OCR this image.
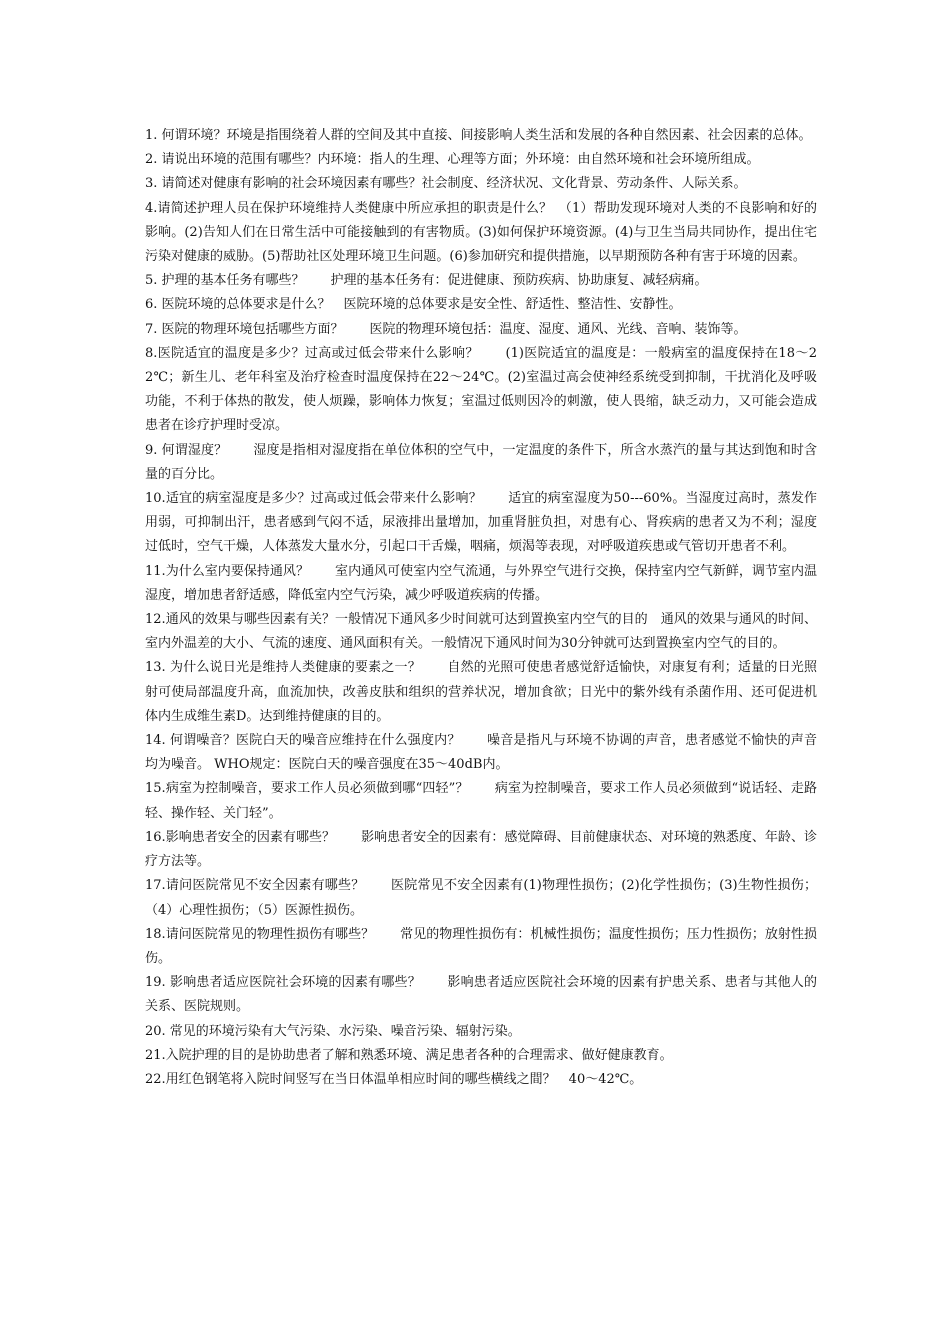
1. 何谓环境？环境是指围绕着人群的空间及其中直接、间接影响人类生活和发展的各种自然因素、社会因素的总体。

2. 请说出环境的范围有哪些？内环境：指人的生理、心理等方面；外环境：由自然环境和社会环境所组成。

3. 请简述对健康有影响的社会环境因素有哪些？社会制度、经济状况、文化背景、劳动条件、人际关系。

4.请简述护理人员在保护环境维持人类健康中所应承担的职责是什么？　（1）帮助发现环境对人类的不良影响和好的影响。(2)告知人们在日常生活中可能接触到的有害物质。(3)如何保护环境资源。(4)与卫生当局共同协作，提出住宅污染对健康的威胁。(5)帮助社区处理环境卫生问题。(6)参加研究和提供措施，以早期预防各种有害于环境的因素。

5. 护理的基本任务有哪些？　　护理的基本任务有：促进健康、预防疾病、协助康复、减轻病痛。

6. 医院环境的总体要求是什么？　医院环境的总体要求是安全性、舒适性、整洁性、安静性。

7. 医院的物理环境包括哪些方面？　　医院的物理环境包括：温度、湿度、通风、光线、音响、装饰等。

8.医院适宜的温度是多少？过高或过低会带来什么影响？　　(1)医院适宜的温度是：一般病室的温度保持在18～22℃；新生儿、老年科室及治疗检查时温度保持在22～24℃。(2)室温过高会使神经系统受到抑制，干扰消化及呼吸功能，不利于体热的散发，使人烦躁，影响体力恢复；室温过低则因冷的刺激，使人畏缩，缺乏动力，又可能会造成患者在诊疗护理时受凉。

9. 何谓湿度？　　湿度是指相对湿度指在单位体积的空气中，一定温度的条件下，所含水蒸汽的量与其达到饱和时含量的百分比。

10.适宜的病室湿度是多少？过高或过低会带来什么影响？　　适宜的病室湿度为50---60%。当湿度过高时，蒸发作用弱，可抑制出汗，患者感到气闷不适，尿液排出量增加，加重肾脏负担，对患有心、肾疾病的患者又为不利；湿度过低时，空气干燥，人体蒸发大量水分，引起口干舌燥，咽痛，烦渴等表现，对呼吸道疾患或气管切开患者不利。

11.为什么室内要保持通风？　　室内通风可使室内空气流通，与外界空气进行交换，保持室内空气新鲜，调节室内温湿度，增加患者舒适感，降低室内空气污染，减少呼吸道疾病的传播。

12.通风的效果与哪些因素有关？一般情况下通风多少时间就可达到置换室内空气的目的　通风的效果与通风的时间、室内外温差的大小、气流的速度、通风面积有关。一般情况下通风时间为30分钟就可达到置换室内空气的目的。

13. 为什么说日光是维持人类健康的要素之一？　　自然的光照可使患者感觉舒适愉快，对康复有利；适量的日光照射可使局部温度升高，血流加快，改善皮肤和组织的营养状况，增加食欲；日光中的紫外线有杀菌作用、还可促进机体内生成维生素D。达到维持健康的目的。

14. 何谓噪音？医院白天的噪音应维持在什么强度内？　　噪音是指凡与环境不协调的声音，患者感觉不愉快的声音均为噪音。 WHO规定：医院白天的噪音强度在35～40dB内。

15.病室为控制噪音，要求工作人员必须做到哪“四轻”？　　病室为控制噪音，要求工作人员必须做到“说话轻、走路轻、操作轻、关门轻”。

16.影响患者安全的因素有哪些？　　影响患者安全的因素有：感觉障碍、目前健康状态、对环境的熟悉度、年龄、诊疗方法等。

17.请问医院常见不安全因素有哪些？　　医院常见不安全因素有(1)物理性损伤；(2)化学性损伤；(3)生物性损伤；（4）心理性损伤；（5）医源性损伤。

18.请问医院常见的物理性损伤有哪些？　　常见的物理性损伤有：机械性损伤；温度性损伤；压力性损伤；放射性损伤。

19. 影响患者适应医院社会环境的因素有哪些？　　影响患者适应医院社会环境的因素有护患关系、患者与其他人的关系、医院规则。

20. 常见的环境污染有大气污染、水污染、噪音污染、辐射污染。

21.入院护理的目的是协助患者了解和熟悉环境、满足患者各种的合理需求、做好健康教育。

22.用红色钢笔将入院时间竖写在当日体温单相应时间的哪些横线之間？　40～42℃。
